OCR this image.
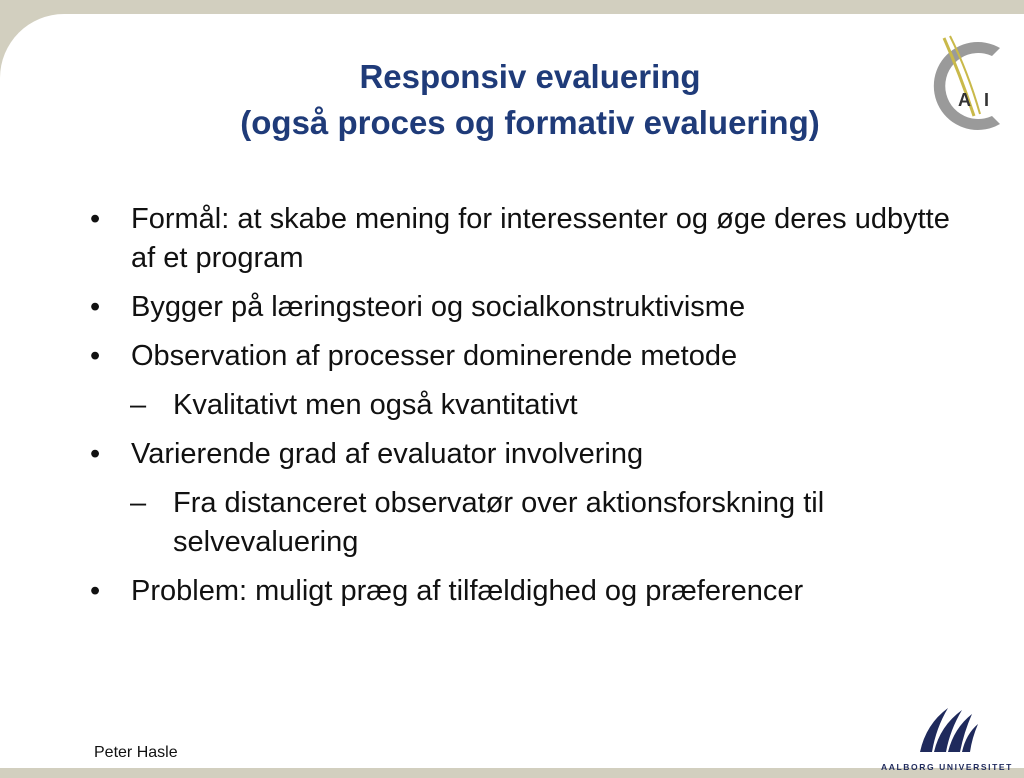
Responsiv evaluering
(også proces og formativ evaluering)
A I
• Formål: at skabe mening for interessenter og øge deres udbytte af et program
• Bygger på læringsteori og socialkonstruktivisme
• Observation af processer dominerende metode
– Kvalitativt men også kvantitativt
• Varierende grad af evaluator involvering
– Fra distanceret observatør over aktionsforskning til selvevaluering
• Problem: muligt præg af tilfældighed og præferencer
Peter Hasle
AALBORG UNIVERSITET
